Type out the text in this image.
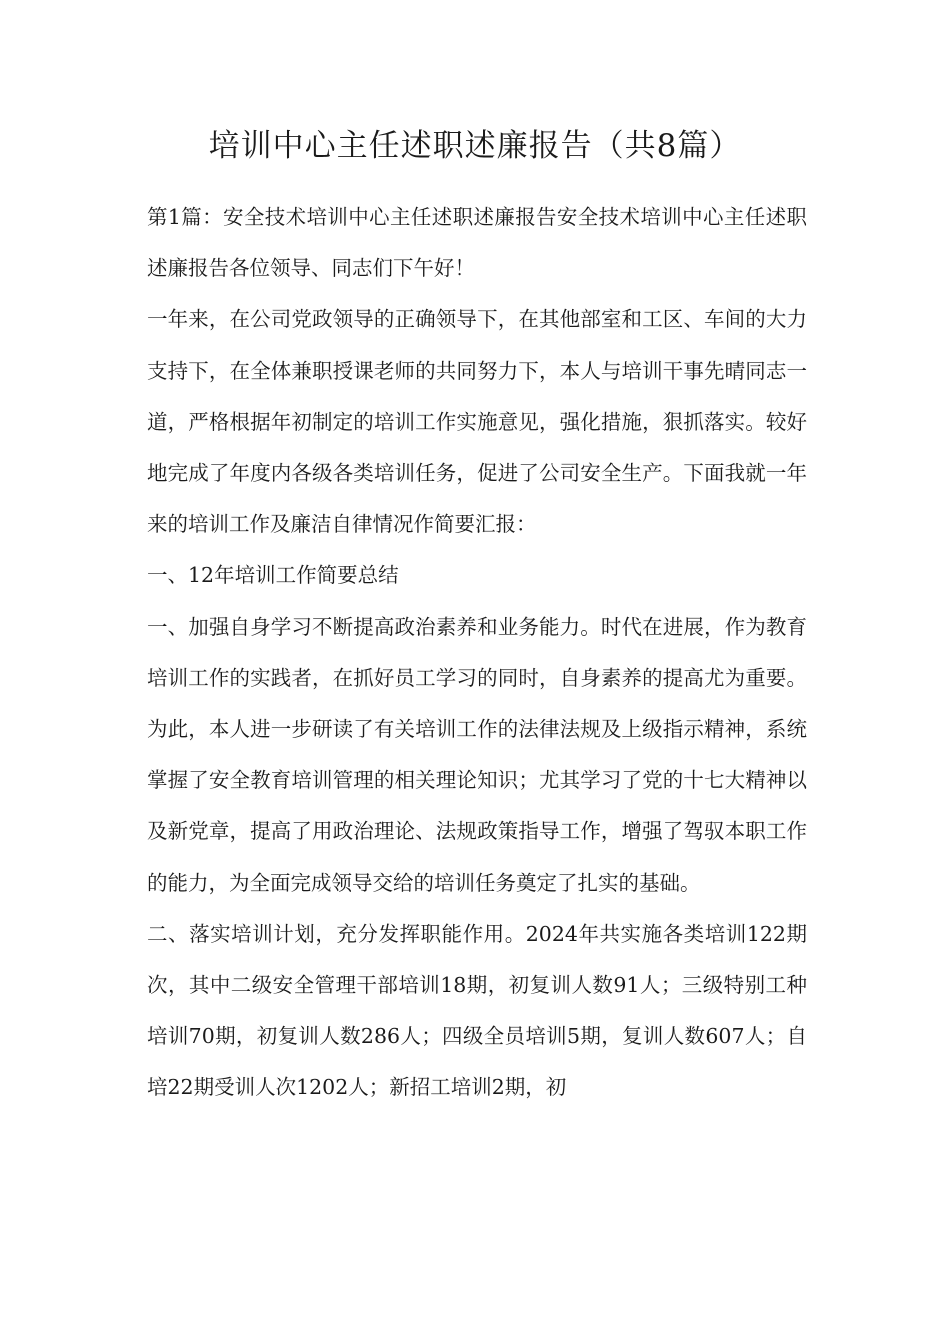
培训中心主任述职述廉报告（共8篇）

第1篇：安全技术培训中心主任述职述廉报告安全技术培训中心主任述职述廉报告各位领导、同志们下午好！

一年来，在公司党政领导的正确领导下，在其他部室和工区、车间的大力支持下，在全体兼职授课老师的共同努力下，本人与培训干事先晴同志一道，严格根据年初制定的培训工作实施意见，强化措施，狠抓落实。较好地完成了年度内各级各类培训任务，促进了公司安全生产。下面我就一年来的培训工作及廉洁自律情况作简要汇报：

一、12年培训工作简要总结

一、加强自身学习不断提高政治素养和业务能力。时代在进展，作为教育培训工作的实践者，在抓好员工学习的同时，自身素养的提高尤为重要。为此，本人进一步研读了有关培训工作的法律法规及上级指示精神，系统掌握了安全教育培训管理的相关理论知识；尤其学习了党的十七大精神以及新党章，提高了用政治理论、法规政策指导工作，增强了驾驭本职工作的能力，为全面完成领导交给的培训任务奠定了扎实的基础。

二、落实培训计划，充分发挥职能作用。2024年共实施各类培训122期次，其中二级安全管理干部培训18期，初复训人数91人；三级特别工种培训70期，初复训人数286人；四级全员培训5期，复训人数607人；自培22期受训人次1202人；新招工培训2期，初
